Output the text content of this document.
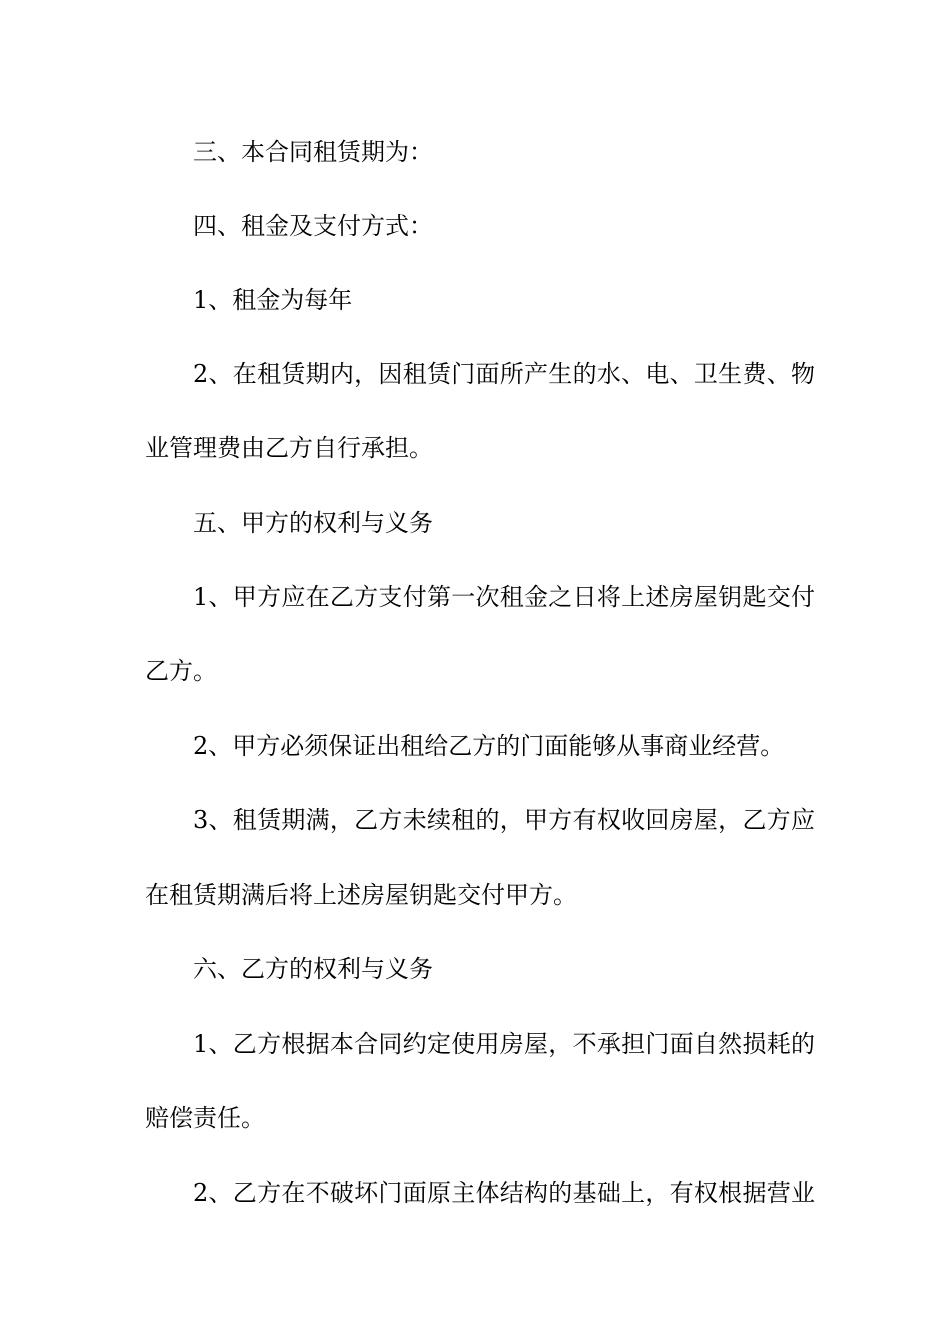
三、本合同租赁期为：
四、租金及支付方式：
1、租金为每年
2、在租赁期内，因租赁门面所产生的水、电、卫生费、物
业管理费由乙方自行承担。
五、甲方的权利与义务
1、甲方应在乙方支付第一次租金之日将上述房屋钥匙交付
乙方。
2、甲方必须保证出租给乙方的门面能够从事商业经营。
3、租赁期满，乙方未续租的，甲方有权收回房屋，乙方应
在租赁期满后将上述房屋钥匙交付甲方。
六、乙方的权利与义务
1、乙方根据本合同约定使用房屋，不承担门面自然损耗的
赔偿责任。
2、乙方在不破坏门面原主体结构的基础上，有权根据营业
